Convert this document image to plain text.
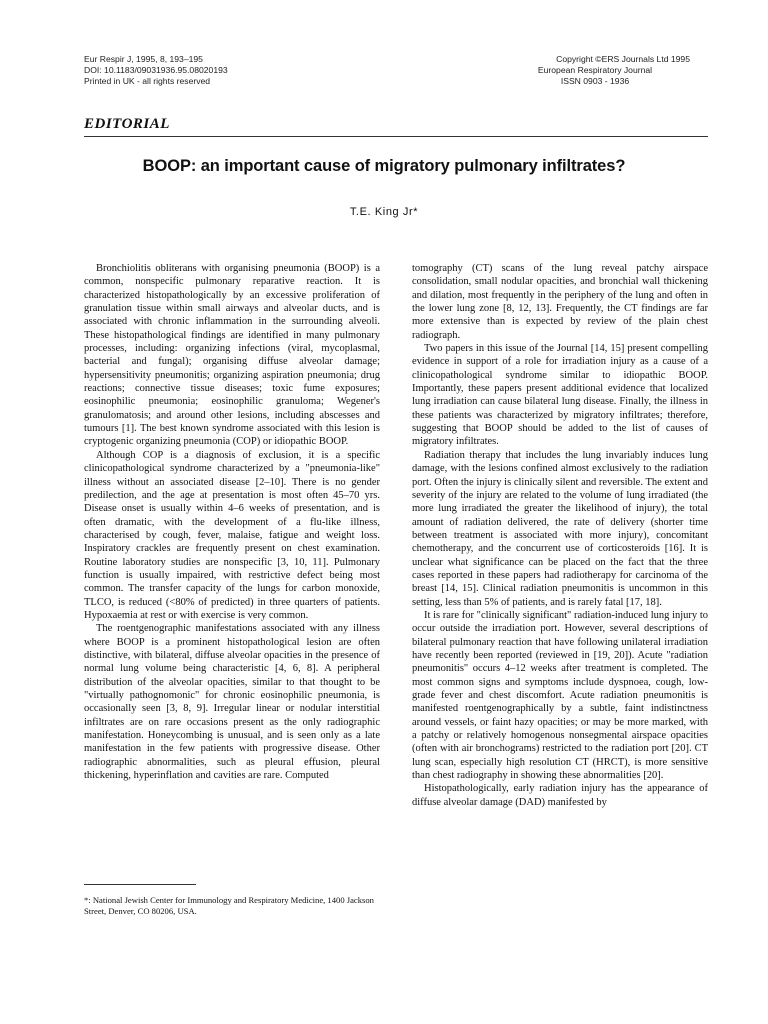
Eur Respir J, 1995, 8, 193–195
DOI: 10.1183/09031936.95.08020193
Printed in UK - all rights reserved
Copyright ©ERS Journals Ltd 1995
European Respiratory Journal
ISSN 0903 - 1936
EDITORIAL
BOOP: an important cause of migratory pulmonary infiltrates?
T.E. King Jr*

Bronchiolitis obliterans with organising pneumonia (BOOP) is a common, nonspecific pulmonary reparative reaction. It is characterized histopathologically by an excessive proliferation of granulation tissue within small airways and alveolar ducts, and is associated with chronic inflammation in the surrounding alveoli. These histopathological findings are identified in many pulmonary processes, including: organizing infections (viral, mycoplasmal, bacterial and fungal); organising diffuse alveolar damage; hypersensitivity pneumonitis; organizing aspiration pneumonia; drug reactions; connective tissue diseases; toxic fume exposures; eosinophilic pneumonia; eosinophilic granuloma; Wegener's granulomatosis; and around other lesions, including abscesses and tumours [1]. The best known syndrome associated with this lesion is cryptogenic organizing pneumonia (COP) or idiopathic BOOP.

Although COP is a diagnosis of exclusion, it is a specific clinicopathological syndrome characterized by a "pneumonia-like" illness without an associated disease [2–10]. There is no gender predilection, and the age at presentation is most often 45–70 yrs. Disease onset is usually within 4–6 weeks of presentation, and is often dramatic, with the development of a flu-like illness, characterised by cough, fever, malaise, fatigue and weight loss. Inspiratory crackles are frequently present on chest examination. Routine laboratory studies are nonspecific [3, 10, 11]. Pulmonary function is usually impaired, with restrictive defect being most common. The transfer capacity of the lungs for carbon monoxide, TLCO, is reduced (<80% of predicted) in three quarters of patients. Hypoxaemia at rest or with exercise is very common.

The roentgenographic manifestations associated with any illness where BOOP is a prominent histopathological lesion are often distinctive, with bilateral, diffuse alveolar opacities in the presence of normal lung volume being characteristic [4, 6, 8]. A peripheral distribution of the alveolar opacities, similar to that thought to be "virtually pathognomonic" for chronic eosinophilic pneumonia, is occasionally seen [3, 8, 9]. Irregular linear or nodular interstitial infiltrates are on rare occasions present as the only radiographic manifestation. Honeycombing is unusual, and is seen only as a late manifestation in the few patients with progressive disease. Other radiographic abnormalities, such as pleural effusion, pleural thickening, hyperinflation and cavities are rare. Computed

tomography (CT) scans of the lung reveal patchy airspace consolidation, small nodular opacities, and bronchial wall thickening and dilation, most frequently in the periphery of the lung and often in the lower lung zone [8, 12, 13]. Frequently, the CT findings are far more extensive than is expected by review of the plain chest radiograph.

Two papers in this issue of the Journal [14, 15] present compelling evidence in support of a role for irradiation injury as a cause of a clinicopathological syndrome similar to idiopathic BOOP. Importantly, these papers present additional evidence that localized lung irradiation can cause bilateral lung disease. Finally, the illness in these patients was characterized by migratory infiltrates; therefore, suggesting that BOOP should be added to the list of causes of migratory infiltrates.

Radiation therapy that includes the lung invariably induces lung damage, with the lesions confined almost exclusively to the radiation port. Often the injury is clinically silent and reversible. The extent and severity of the injury are related to the volume of lung irradiated (the more lung irradiated the greater the likelihood of injury), the total amount of radiation delivered, the rate of delivery (shorter time between treatment is associated with more injury), concomitant chemotherapy, and the concurrent use of corticosteroids [16]. It is unclear what significance can be placed on the fact that the three cases reported in these papers had radiotherapy for carcinoma of the breast [14, 15]. Clinical radiation pneumonitis is uncommon in this setting, less than 5% of patients, and is rarely fatal [17, 18].

It is rare for "clinically significant" radiation-induced lung injury to occur outside the irradiation port. However, several descriptions of bilateral pulmonary reaction that have following unilateral irradiation have recently been reported (reviewed in [19, 20]). Acute "radiation pneumonitis" occurs 4–12 weeks after treatment is completed. The most common signs and symptoms include dyspnoea, cough, low-grade fever and chest discomfort. Acute radiation pneumonitis is manifested roentgenographically by a subtle, faint indistinctness around vessels, or faint hazy opacities; or may be more marked, with a patchy or relatively homogenous nonsegmental airspace opacities (often with air bronchograms) restricted to the radiation port [20]. CT lung scan, especially high resolution CT (HRCT), is more sensitive than chest radiography in showing these abnormalities [20].

Histopathologically, early radiation injury has the appearance of diffuse alveolar damage (DAD) manifested by

*: National Jewish Center for Immunology and Respiratory Medicine, 1400 Jackson Street, Denver, CO 80206, USA.
